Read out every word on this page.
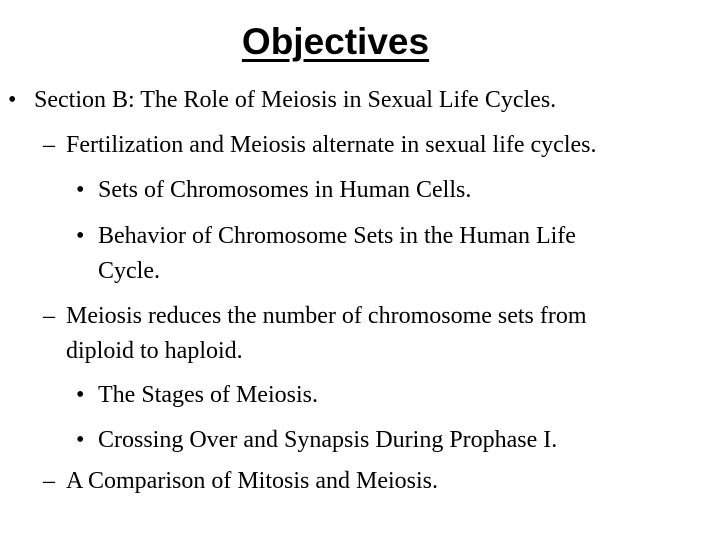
Objectives
• Section B: The Role of Meiosis in Sexual Life Cycles.
– Fertilization and Meiosis alternate in sexual life cycles.
• Sets of Chromosomes in Human Cells.
• Behavior of Chromosome Sets in the Human Life
Cycle.
– Meiosis reduces the number of chromosome sets from
diploid to haploid.
• The Stages of Meiosis.
• Crossing Over and Synapsis During Prophase I.
– A Comparison of Mitosis and Meiosis.
